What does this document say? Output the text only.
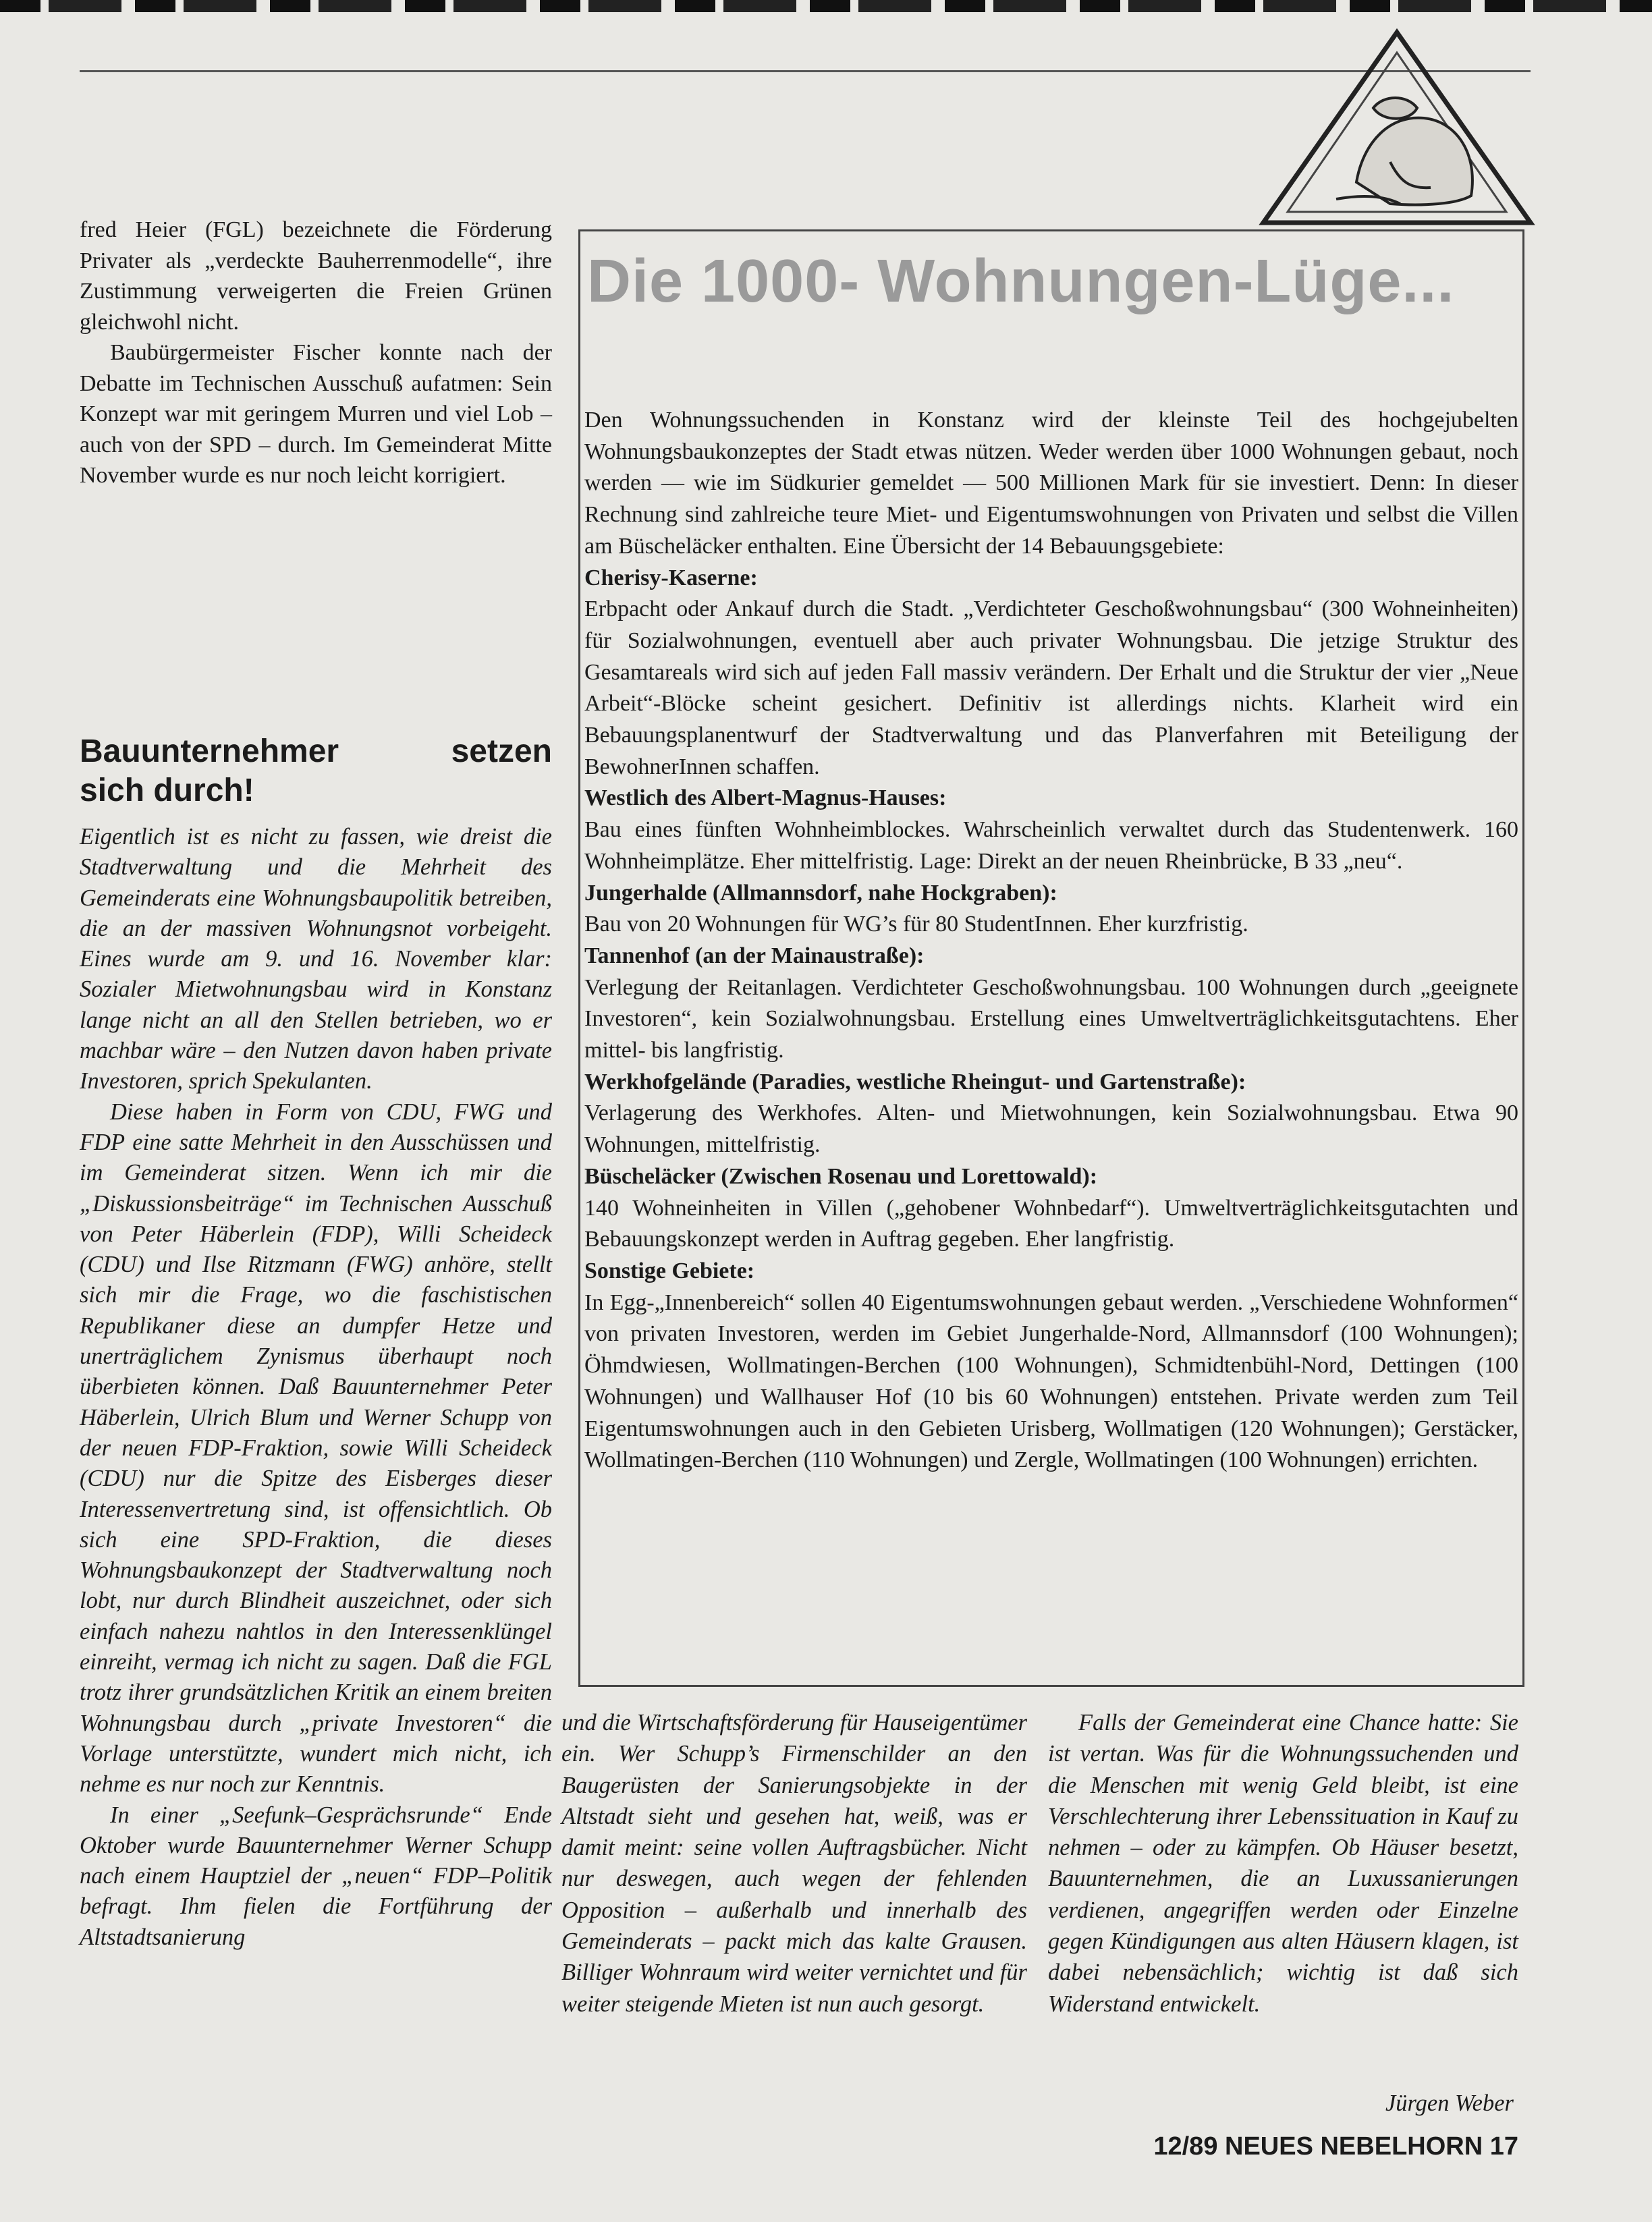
fred Heier (FGL) bezeichnete die Förderung Privater als „verdeckte Bauherrenmodelle“, ihre Zustimmung verweigerten die Freien Grünen gleichwohl nicht.

Baubürgermeister Fischer konnte nach der Debatte im Technischen Ausschuß aufatmen: Sein Konzept war mit geringem Murren und viel Lob – auch von der SPD – durch. Im Gemeinderat Mitte November wurde es nur noch leicht korrigiert.

Bauunternehmer	setzen
sich durch!

Eigentlich ist es nicht zu fassen, wie dreist die Stadtverwaltung und die Mehrheit des Gemeinderats eine Wohnungsbaupolitik betreiben, die an der massiven Wohnungsnot vorbeigeht. Eines wurde am 9. und 16. November klar: Sozialer Mietwohnungsbau wird in Konstanz lange nicht an all den Stellen betrieben, wo er machbar wäre – den Nutzen davon haben private Investoren, sprich Spekulanten.

Diese haben in Form von CDU, FWG und FDP eine satte Mehrheit in den Ausschüssen und im Gemeinderat sitzen. Wenn ich mir die „Diskussionsbeiträge“ im Technischen Ausschuß von Peter Häberlein (FDP), Willi Scheideck (CDU) und Ilse Ritzmann (FWG) anhöre, stellt sich mir die Frage, wo die faschistischen Republikaner diese an dumpfer Hetze und unerträglichem Zynismus überhaupt noch überbieten können. Daß Bauunternehmer Peter Häberlein, Ulrich Blum und Werner Schupp von der neuen FDP-Fraktion, sowie Willi Scheideck (CDU) nur die Spitze des Eisberges dieser Interessenvertretung sind, ist offensichtlich. Ob sich eine SPD-Fraktion, die dieses Wohnungsbaukonzept der Stadtverwaltung noch lobt, nur durch Blindheit auszeichnet, oder sich einfach nahezu nahtlos in den Interessenklüngel einreiht, vermag ich nicht zu sagen. Daß die FGL trotz ihrer grundsätzlichen Kritik an einem breiten Wohnungsbau durch „private Investoren“ die Vorlage unterstützte, wundert mich nicht, ich nehme es nur noch zur Kenntnis.

In einer „Seefunk–Gesprächsrunde“ Ende Oktober wurde Bauunternehmer Werner Schupp nach einem Hauptziel der „neuen“ FDP–Politik befragt. Ihm fielen die Fortführung der Altstadtsanierung

Die 1000- Wohnungen-Lüge...

Den Wohnungssuchenden in Konstanz wird der kleinste Teil des hochgejubelten Wohnungsbaukonzeptes der Stadt etwas nützen. Weder werden über 1000 Wohnungen gebaut, noch werden — wie im Südkurier gemeldet — 500 Millionen Mark für sie investiert. Denn: In dieser Rechnung sind zahlreiche teure Miet- und Eigentumswohnungen von Privaten und selbst die Villen am Büscheläcker enthalten. Eine Übersicht der 14 Bebauungsgebiete:

Cherisy-Kaserne:

Erbpacht oder Ankauf durch die Stadt. „Verdichteter Geschoßwohnungsbau“ (300 Wohneinheiten) für Sozialwohnungen, eventuell aber auch privater Wohnungsbau. Die jetzige Struktur des Gesamtareals wird sich auf jeden Fall massiv verändern. Der Erhalt und die Struktur der vier „Neue Arbeit“-Blöcke scheint gesichert. Definitiv ist allerdings nichts. Klarheit wird ein Bebauungsplanentwurf der Stadtverwaltung und das Planverfahren mit Beteiligung der BewohnerInnen schaffen.

Westlich des Albert-Magnus-Hauses:

Bau eines fünften Wohnheimblockes. Wahrscheinlich verwaltet durch das Studentenwerk. 160 Wohnheimplätze. Eher mittelfristig. Lage: Direkt an der neuen Rheinbrücke, B 33 „neu“.

Jungerhalde (Allmannsdorf, nahe Hockgraben):

Bau von 20 Wohnungen für WG’s für 80 StudentInnen. Eher kurzfristig.

Tannenhof (an der Mainaustraße):

Verlegung der Reitanlagen. Verdichteter Geschoßwohnungsbau. 100 Wohnungen durch „geeignete Investoren“, kein Sozialwohnungsbau. Erstellung eines Umweltverträglichkeitsgutachtens. Eher mittel- bis langfristig.

Werkhofgelände (Paradies, westliche Rheingut- und Gartenstraße):

Verlagerung des Werkhofes. Alten- und Mietwohnungen, kein Sozialwohnungsbau. Etwa 90 Wohnungen, mittelfristig.

Büscheläcker (Zwischen Rosenau und Lorettowald):

140 Wohneinheiten in Villen („gehobener Wohnbedarf“). Umweltverträglichkeitsgutachten und Bebauungskonzept werden in Auftrag gegeben. Eher langfristig.

Sonstige Gebiete:

In Egg-„Innenbereich“ sollen 40 Eigentumswohnungen gebaut werden. „Verschiedene Wohnformen“ von privaten Investoren, werden im Gebiet Jungerhalde-Nord, Allmannsdorf (100 Wohnungen); Öhmdwiesen, Wollmatingen-Berchen (100 Wohnungen), Schmidtenbühl-Nord, Dettingen (100 Wohnungen) und Wallhauser Hof (10 bis 60 Wohnungen) entstehen. Private werden zum Teil Eigentumswohnungen auch in den Gebieten Urisberg, Wollmatigen (120 Wohnungen); Gerstäcker, Wollmatingen-Berchen (110 Wohnungen) und Zergle, Wollmatingen (100 Wohnungen) errichten.

und die Wirtschaftsförderung für Hauseigentümer ein. Wer Schupp’s Firmenschilder an den Baugerüsten der Sanierungsobjekte in der Altstadt sieht und gesehen hat, weiß, was er damit meint: seine vollen Auftragsbücher. Nicht nur deswegen, auch wegen der fehlenden Opposition – außerhalb und innerhalb des Gemeinderats – packt mich das kalte Grausen. Billiger Wohnraum wird weiter vernichtet und für weiter steigende Mieten ist nun auch gesorgt.

Falls der Gemeinderat eine Chance hatte: Sie ist vertan. Was für die Wohnungssuchenden und die Menschen mit wenig Geld bleibt, ist eine Verschlechterung ihrer Lebenssituation in Kauf zu nehmen – oder zu kämpfen. Ob Häuser besetzt, Bauunternehmen, die an Luxussanierungen verdienen, angegriffen werden oder Einzelne gegen Kündigungen aus alten Häusern klagen, ist dabei nebensächlich; wichtig ist daß sich Widerstand entwickelt.

Jürgen Weber
12/89 NEUES NEBELHORN 17
